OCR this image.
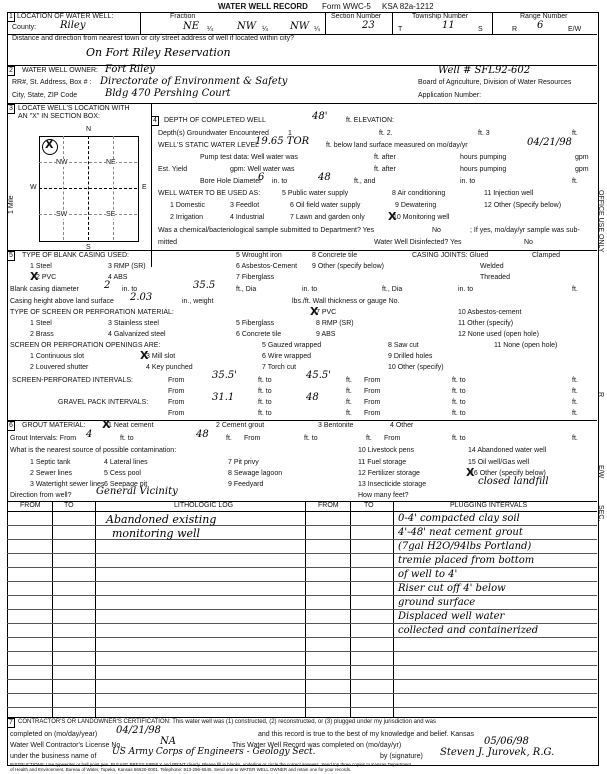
WATER WELL RECORD Form WWC-5 KSA 82a-1212
1 LOCATION OF WATER WELL:
County: Riley
Fraction
NE ¼ NW ¼ NW ¼
Section Number
23
Township Number
T	11	S
Range Number
R 6	E/W
Distance and direction from nearest town or city street address of well if located within city?
On Fort Riley Reservation
2 WATER WELL OWNER: Fort Riley	Well # SFL92-602
RR#, St. Address, Box # : Directorate of Environment & Safety	Board of Agriculture, Division of Water Resources
City, State, ZIP Code	Bldg 470 Pershing Court	Application Number:
3 LOCATE WELL'S LOCATION WITH
AN "X" IN SECTION BOX:
N
S
W	E
NW	NE
SW	SE
X
1 Mile
4 DEPTH OF COMPLETED WELL	48'	ft. ELEVATION:
Depth(s) Groundwater Encountered	1	ft. 2.	ft. 3	ft.
WELL'S STATIC WATER LEVEL
19.65 TOR ft. below land surface measured on mo/day/yr	04/21/98
Pump test data: Well water was	ft. after	hours pumping	gpm
Est. Yield	gpm: Well water was	ft. after	hours pumping	gpm
Bore Hole Diameter
6 in. to	48	ft., and	in. to	ft.
WELL WATER TO BE USED AS:	5 Public water supply	8 Air conditioning	11 Injection well
1 Domestic	3 Feedlot	6 Oil field water supply	9 Dewatering	12 Other (Specify below)
2 Irrigation	4 Industrial	7 Lawn and garden only	10 Monitoring well
X
Was a chemical/bacteriological sample submitted to Department? Yes	No	; If yes, mo/day/yr sample was sub-
mitted	Water Well Disinfected? Yes	No
5 TYPE OF BLANK CASING USED:	5 Wrought iron	8 Concrete tile	CASING JOINTS: Glued	Clamped
1 Steel	3 RMP (SR)	6 Asbestos-Cement 9 Other (specify below)	Welded
2 PVC
X	4 ABS	7 Fiberglass	Threaded
Blank casing diameter	2 in. to	35.5	ft., Dia	in. to	ft., Dia	in. to	ft.
Casing height above land surface 2.03	in., weight	lbs./ft. Wall thickness or gauge No.
TYPE OF SCREEN OR PERFORATION MATERIAL:	7 PVC
X	10 Asbestos-cement
1 Steel	3 Stainless steel	5 Fiberglass	8 RMP (SR)	11 Other (specify)
2 Brass	4 Galvanized steel	6 Concrete tile	9 ABS	12 None used (open hole)
SCREEN OR PERFORATION OPENINGS ARE:	5 Gauzed wrapped	8 Saw cut	11 None (open hole)
1 Continuous slot	3 Mill slot
X	6 Wire wrapped	9 Drilled holes
2 Louvered shutter	4 Key punched	7 Torch cut	10 Other (specify)
SCREEN-PERFORATED INTERVALS:	From	35.5'	ft. to	45.5' ft. From	ft. to	ft.
From	ft. to	ft. From	ft. to	ft.
GRAVEL PACK INTERVALS:	From	31.1	ft. to	48	ft. From	ft. to	ft.
From	ft. to	ft. From	ft. to	ft.
6 GROUT MATERIAL:	1 Neat cement
X	2 Cement grout	3 Bentonite	4 Other
Grout Intervals: From 4	ft. to	48 ft. From	ft. to	ft. From	ft. to	ft.
What is the nearest source of possible contamination:	10 Livestock pens	14 Abandoned water well
1 Septic tank	4 Lateral lines	7 Pit privy	11 Fuel storage	15 Oil well/Gas well
2 Sewer lines	5 Cess pool	8 Sewage lagoon	12 Fertilizer storage	16 Other (specify below)
X
3 Watertight sewer lines 6 Seepage pit	9 Feedyard	13 Insecticide storage	closed landfill
Direction from well? General Vicinity	How many feet?
FROM	TO	LITHOLOGIC LOG	FROM	TO	PLUGGING INTERVALS
Abandoned existing
monitoring well
0-4' compacted clay soil
4'-48' neat cement grout
(7gal H2O/94lbs Portland)
tremie placed from bottom
of well to 4'
Riser cut off 4' below
ground surface
Displaced well water
collected and containerized
7 CONTRACTOR'S OR LANDOWNER'S CERTIFICATION: This water well was (1) constructed, (2) reconstructed, or (3) plugged under my jurisdiction and was
completed on (mo/day/year) 04/21/98	and this record is true to the best of my knowledge and belief. Kansas
Water Well Contractor's License No.	NA	This Water Well Record was completed on (mo/day/yr)	05/06/98
under the business name of US Army Corps of Engineers - Geology Sect.	by (signature) Steven J. Jurovek, R.G.
INSTRUCTIONS: Use typewriter or ball point pen. PLEASE PRESS FIRMLY and PRINT clearly. Please fill in blanks, underline or circle the correct answers. Send top three copies to Kansas Department
of Health and Environment, Bureau of Water, Topeka, Kansas 66620-0001. Telephone: 913-296-5545. Send one to WATER WELL OWNER and retain one for your records.
OFFICE USE ONLY
R
E/W
SEC.
